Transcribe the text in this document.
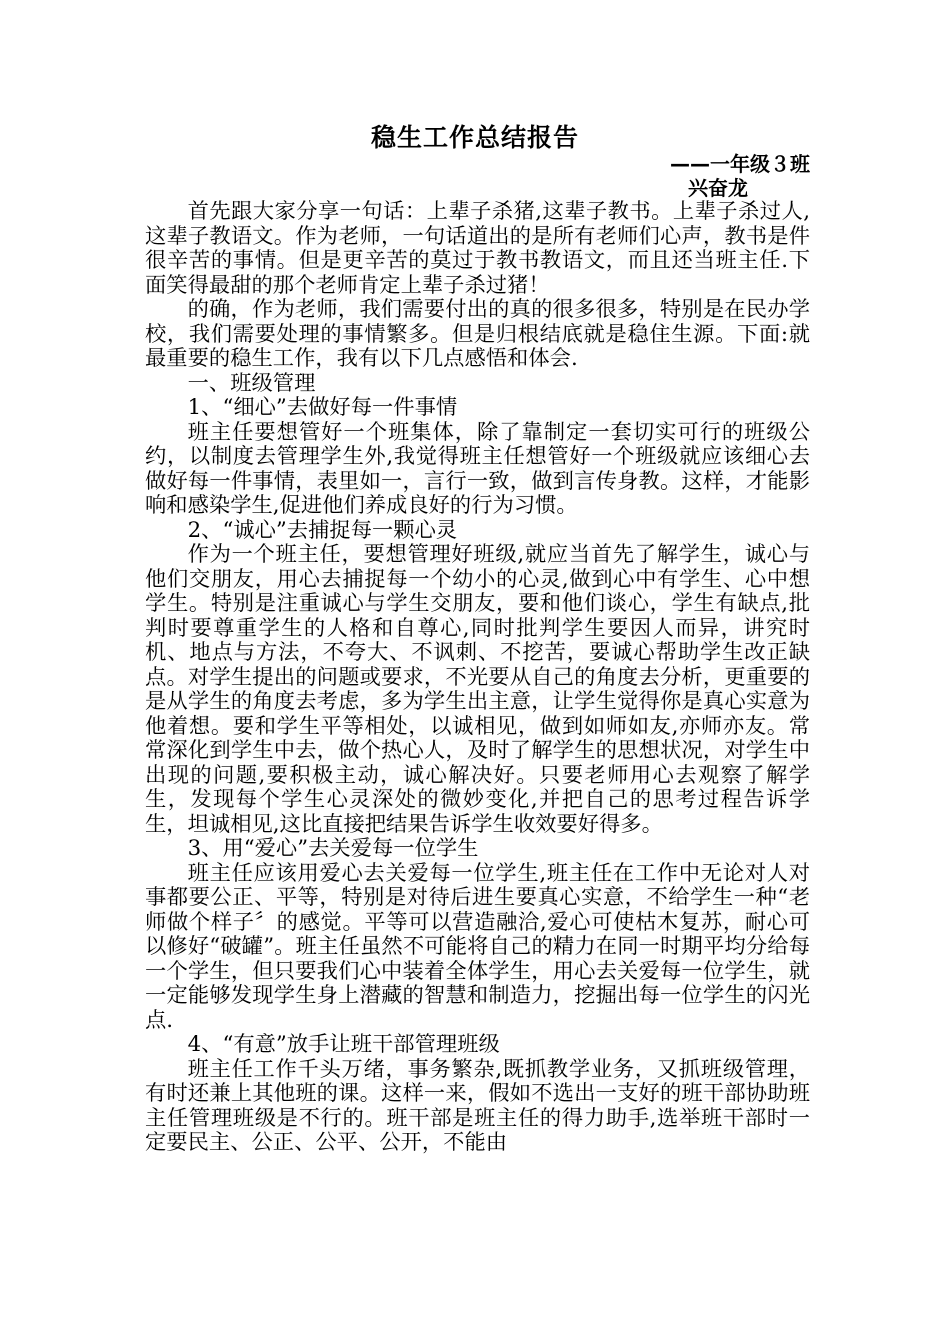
稳生工作总结报告
——一年级３班
兴奋龙

首先跟大家分享一句话：上辈子杀猪,这辈子教书。上辈子杀过人,这辈子教语文。作为老师，一句话道出的是所有老师们心声，教书是件很辛苦的事情。但是更辛苦的莫过于教书教语文，而且还当班主任.下面笑得最甜的那个老师肯定上辈子杀过猪！

的确，作为老师，我们需要付出的真的很多很多，特别是在民办学校，我们需要处理的事情繁多。但是归根结底就是稳住生源。下面:就最重要的稳生工作，我有以下几点感悟和体会.

一、班级管理

1、“细心”去做好每一件事情

班主任要想管好一个班集体，除了靠制定一套切实可行的班级公约，以制度去管理学生外,我觉得班主任想管好一个班级就应该细心去做好每一件事情，表里如一，言行一致，做到言传身教。这样，才能影响和感染学生,促进他们养成良好的行为习惯。

2、“诚心”去捕捉每一颗心灵

作为一个班主任，要想管理好班级,就应当首先了解学生，诚心与他们交朋友，用心去捕捉每一个幼小的心灵,做到心中有学生、心中想学生。特别是注重诚心与学生交朋友，要和他们谈心，学生有缺点,批判时要尊重学生的人格和自尊心,同时批判学生要因人而异，讲究时机、地点与方法，不夸大、不讽刺、不挖苦，要诚心帮助学生改正缺点。对学生提出的问题或要求，不光要从自己的角度去分析，更重要的是从学生的角度去考虑，多为学生出主意，让学生觉得你是真心实意为他着想。要和学生平等相处，以诚相见，做到如师如友,亦师亦友。常常深化到学生中去，做个热心人，及时了解学生的思想状况，对学生中出现的问题,要积极主动，诚心解决好。只要老师用心去观察了解学生，发现每个学生心灵深处的微妙变化,并把自己的思考过程告诉学生，坦诚相见,这比直接把结果告诉学生收效要好得多。

3、用“爱心”去关爱每一位学生

班主任应该用爱心去关爱每一位学生,班主任在工作中无论对人对事都要公正、平等，特别是对待后进生要真心实意，不给学生一种“老师做个样子〞的感觉。平等可以营造融洽,爱心可使枯木复苏，耐心可以修好“破罐”。班主任虽然不可能将自己的精力在同一时期平均分给每一个学生，但只要我们心中装着全体学生，用心去关爱每一位学生，就一定能够发现学生身上潜藏的智慧和制造力，挖掘出每一位学生的闪光点.

4、“有意”放手让班干部管理班级

班主任工作千头万绪，事务繁杂,既抓教学业务，又抓班级管理，有时还兼上其他班的课。这样一来，假如不选出一支好的班干部协助班主任管理班级是不行的。班干部是班主任的得力助手,选举班干部时一定要民主、公正、公平、公开，不能由
